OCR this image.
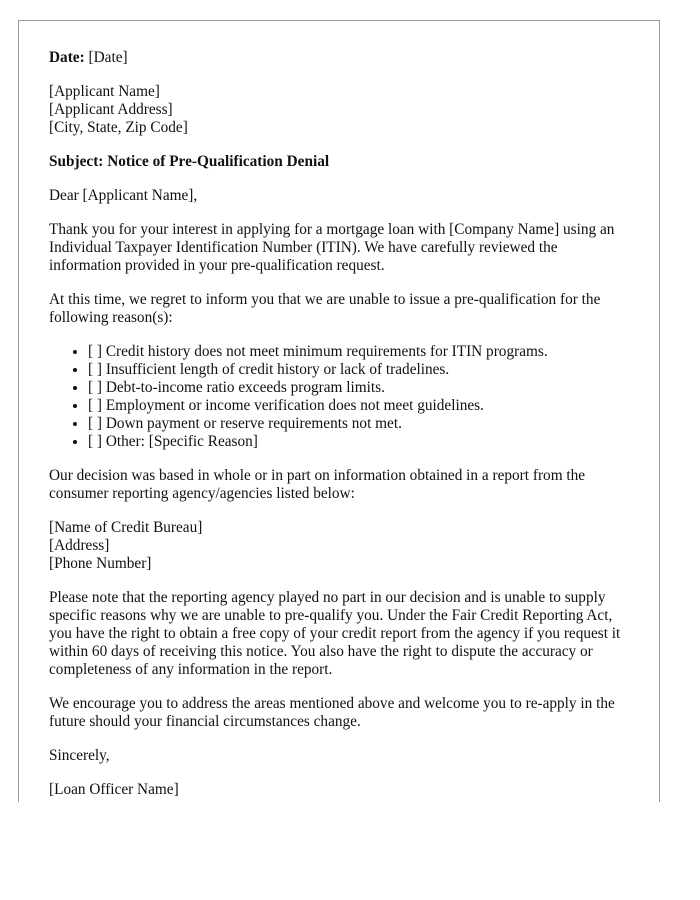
Date: [Date]
[Applicant Name]
[Applicant Address]
[City, State, Zip Code]
Subject: Notice of Pre-Qualification Denial

Dear [Applicant Name],

Thank you for your interest in applying for a mortgage loan with [Company Name] using an Individual Taxpayer Identification Number (ITIN). We have carefully reviewed the information provided in your pre-qualification request.

At this time, we regret to inform you that we are unable to issue a pre-qualification for the following reason(s):

• [ ] Credit history does not meet minimum requirements for ITIN programs.
• [ ] Insufficient length of credit history or lack of tradelines.
• [ ] Debt-to-income ratio exceeds program limits.
• [ ] Employment or income verification does not meet guidelines.
• [ ] Down payment or reserve requirements not met.
• [ ] Other: [Specific Reason]

Our decision was based in whole or in part on information obtained in a report from the consumer reporting agency/agencies listed below:

[Name of Credit Bureau]
[Address]
[Phone Number]

Please note that the reporting agency played no part in our decision and is unable to supply specific reasons why we are unable to pre-qualify you. Under the Fair Credit Reporting Act, you have the right to obtain a free copy of your credit report from the agency if you request it within 60 days of receiving this notice. You also have the right to dispute the accuracy or completeness of any information in the report.

We encourage you to address the areas mentioned above and welcome you to re-apply in the future should your financial circumstances change.

Sincerely,

[Loan Officer Name]
